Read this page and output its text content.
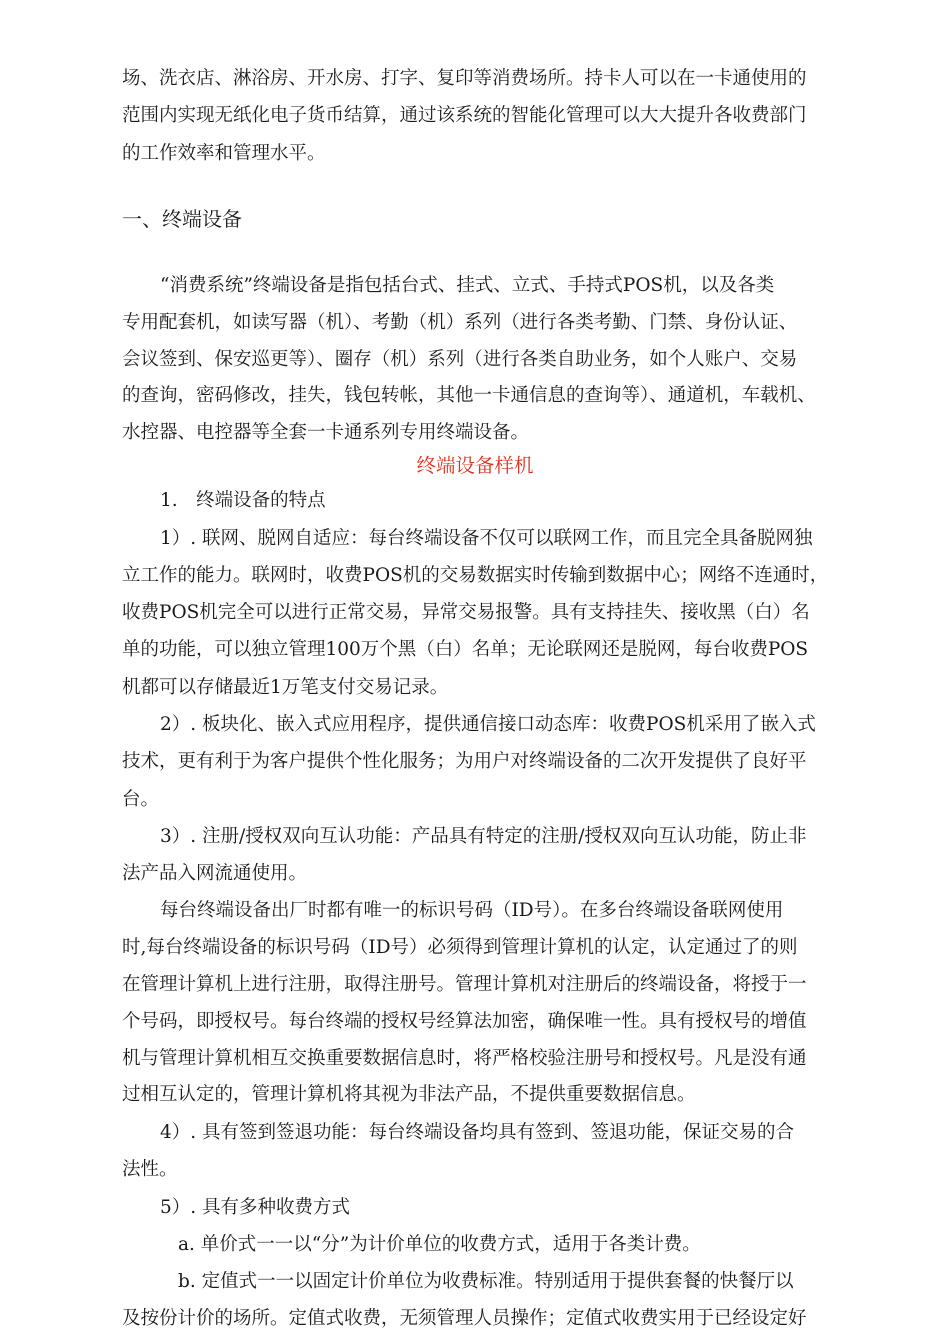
场、洗衣店、淋浴房、开水房、打字、复印等消费场所。持卡人可以在一卡通使用的

范围内实现无纸化电子货币结算，通过该系统的智能化管理可以大大提升各收费部门

的工作效率和管理水平。

一、终端设备

“消费系统”终端设备是指包括台式、挂式、立式、手持式POS机，以及各类

专用配套机，如读写器（机）、考勤（机）系列（进行各类考勤、门禁、身份认证、

会议签到、保安巡更等）、圈存（机）系列（进行各类自助业务，如个人账户、交易

的查询，密码修改，挂失，钱包转帐，其他一卡通信息的查询等）、通道机，车载机、

水控器、电控器等全套一卡通系列专用终端设备。

终端设备样机

1.　终端设备的特点

1）. 联网、脱网自适应：每台终端设备不仅可以联网工作，而且完全具备脱网独

立工作的能力。联网时，收费POS机的交易数据实时传输到数据中心；网络不连通时，

收费POS机完全可以进行正常交易，异常交易报警。具有支持挂失、接收黑（白）名

单的功能，可以独立管理100万个黑（白）名单；无论联网还是脱网，每台收费POS

机都可以存储最近1万笔支付交易记录。

2）. 板块化、嵌入式应用程序，提供通信接口动态库：收费POS机采用了嵌入式

技术，更有利于为客户提供个性化服务；为用户对终端设备的二次开发提供了良好平

台。

3）. 注册/授权双向互认功能：产品具有特定的注册/授权双向互认功能，防止非

法产品入网流通使用。

每台终端设备出厂时都有唯一的标识号码（ID号）。在多台终端设备联网使用

时,每台终端设备的标识号码（ID号）必须得到管理计算机的认定，认定通过了的则

在管理计算机上进行注册，取得注册号。管理计算机对注册后的终端设备，将授于一

个号码，即授权号。每台终端的授权号经算法加密，确保唯一性。具有授权号的增值

机与管理计算机相互交换重要数据信息时，将严格校验注册号和授权号。凡是没有通

过相互认定的，管理计算机将其视为非法产品，不提供重要数据信息。

4）. 具有签到签退功能：每台终端设备均具有签到、签退功能，保证交易的合

法性。

5）. 具有多种收费方式

a. 单价式一一以“分”为计价单位的收费方式，适用于各类计费。

b. 定值式一一以固定计价单位为收费标准。特别适用于提供套餐的快餐厅以

及按份计价的场所。定值式收费，无须管理人员操作；定值式收费实用于已经设定好
